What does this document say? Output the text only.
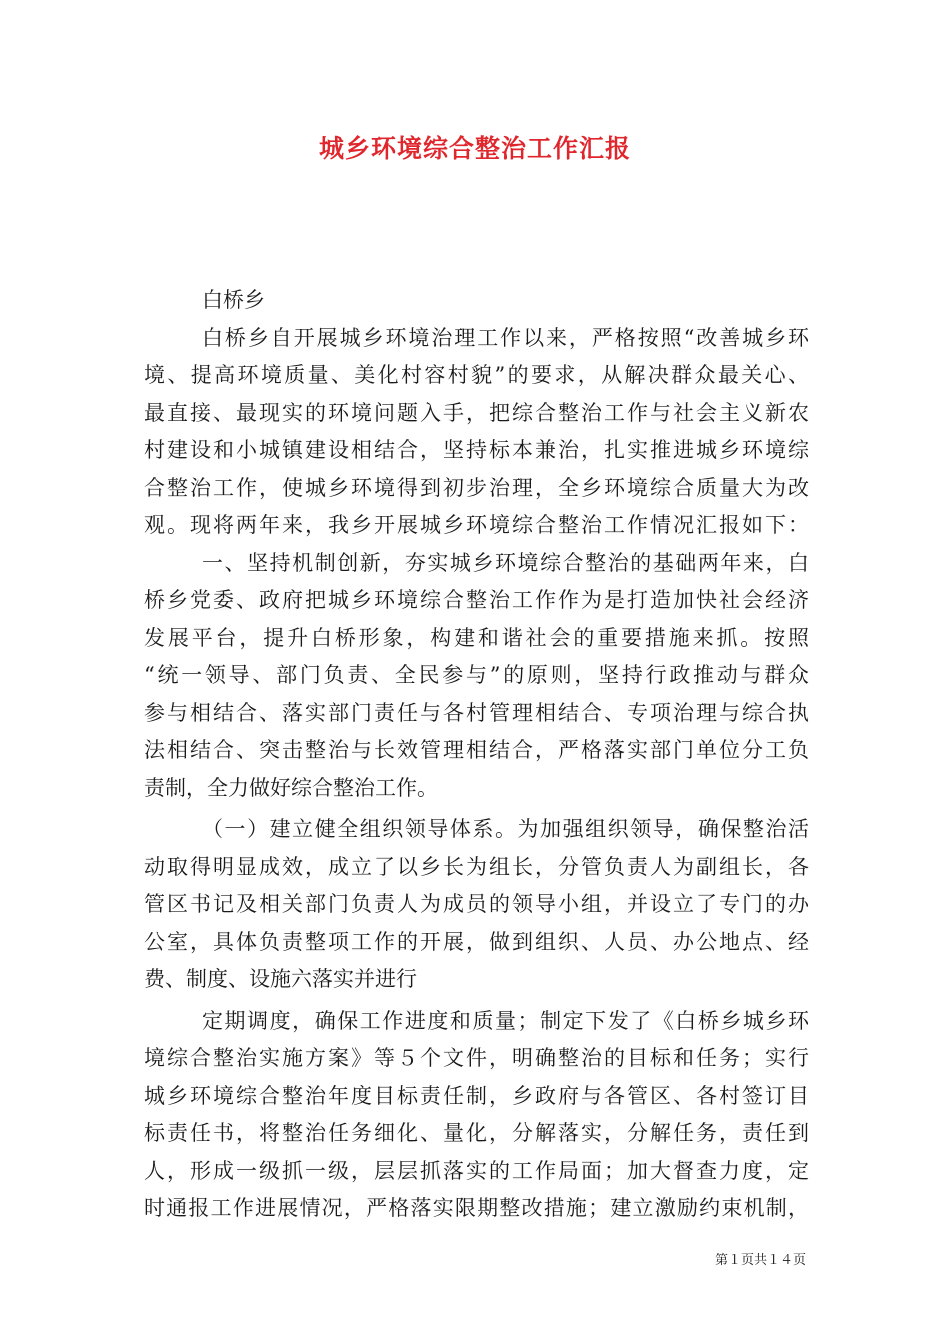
城乡环境综合整治工作汇报
白桥乡
白桥乡自开展城乡环境治理工作以来，严格按照“改善城乡环
境、提高环境质量、美化村容村貌”的要求，从解决群众最关心、
最直接、最现实的环境问题入手，把综合整治工作与社会主义新农
村建设和小城镇建设相结合，坚持标本兼治，扎实推进城乡环境综
合整治工作，使城乡环境得到初步治理，全乡环境综合质量大为改
观。现将两年来，我乡开展城乡环境综合整治工作情况汇报如下：
一、坚持机制创新，夯实城乡环境综合整治的基础两年来，白
桥乡党委、政府把城乡环境综合整治工作作为是打造加快社会经济
发展平台，提升白桥形象，构建和谐社会的重要措施来抓。按照
“统一领导、部门负责、全民参与”的原则，坚持行政推动与群众
参与相结合、落实部门责任与各村管理相结合、专项治理与综合执
法相结合、突击整治与长效管理相结合，严格落实部门单位分工负
责制，全力做好综合整治工作。
（一）建立健全组织领导体系。为加强组织领导，确保整治活
动取得明显成效，成立了以乡长为组长，分管负责人为副组长，各
管区书记及相关部门负责人为成员的领导小组，并设立了专门的办
公室，具体负责整项工作的开展，做到组织、人员、办公地点、经
费、制度、设施六落实并进行
定期调度，确保工作进度和质量；制定下发了《白桥乡城乡环
境综合整治实施方案》等５个文件，明确整治的目标和任务；实行
城乡环境综合整治年度目标责任制，乡政府与各管区、各村签订目
标责任书，将整治任务细化、量化，分解落实，分解任务，责任到
人，形成一级抓一级，层层抓落实的工作局面；加大督查力度，定
时通报工作进展情况，严格落实限期整改措施；建立激励约束机制，
第１页共１４页
